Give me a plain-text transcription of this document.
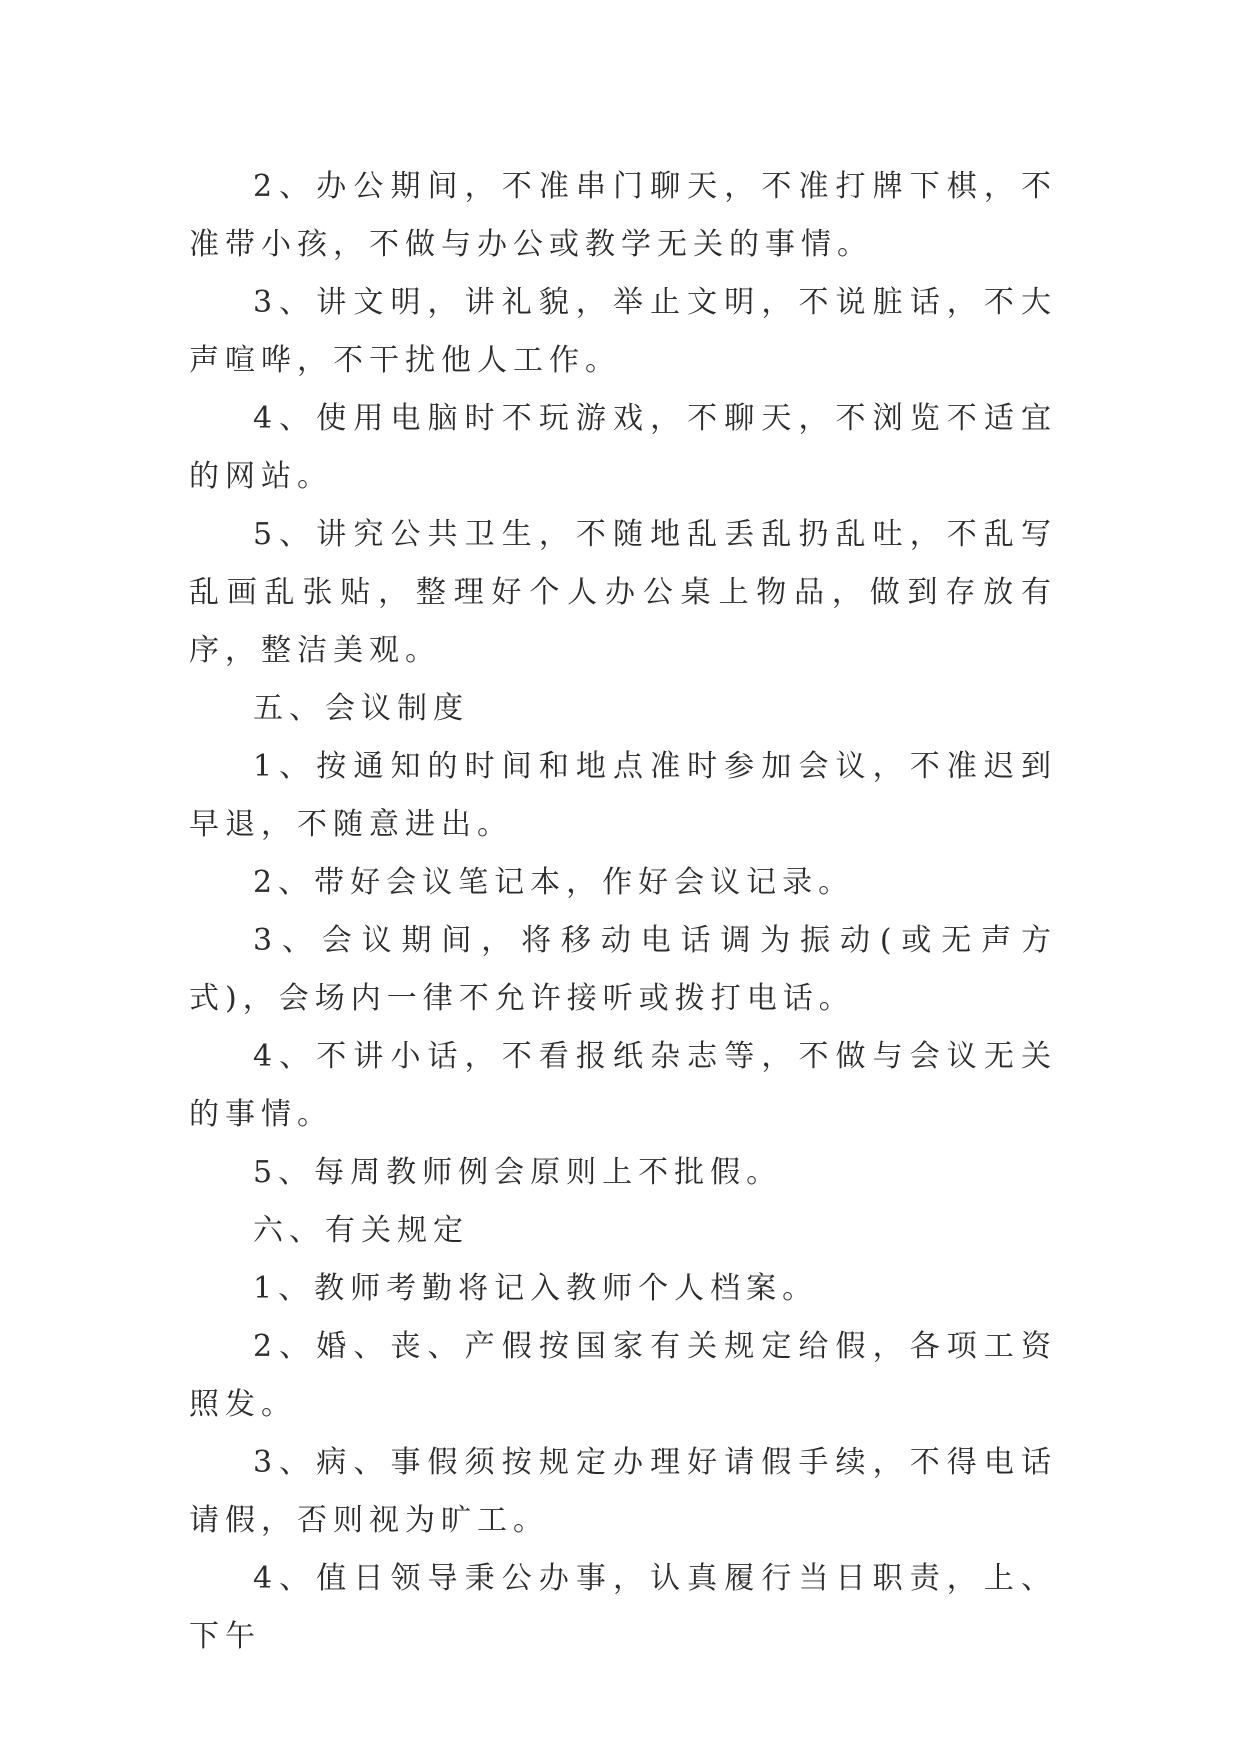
2、办公期间，不准串门聊天，不准打牌下棋，不准带小孩，不做与办公或教学无关的事情。

3、讲文明，讲礼貌，举止文明，不说脏话，不大声喧哗，不干扰他人工作。

4、使用电脑时不玩游戏，不聊天，不浏览不适宜的网站。

5、讲究公共卫生，不随地乱丢乱扔乱吐，不乱写乱画乱张贴，整理好个人办公桌上物品，做到存放有序，整洁美观。

五、会议制度

1、按通知的时间和地点准时参加会议，不准迟到早退，不随意进出。

2、带好会议笔记本，作好会议记录。

3、会议期间，将移动电话调为振动(或无声方式)，会场内一律不允许接听或拨打电话。

4、不讲小话，不看报纸杂志等，不做与会议无关的事情。

5、每周教师例会原则上不批假。

六、有关规定

1、教师考勤将记入教师个人档案。

2、婚、丧、产假按国家有关规定给假，各项工资照发。

3、病、事假须按规定办理好请假手续，不得电话请假，否则视为旷工。

4、值日领导秉公办事，认真履行当日职责，上、下午
